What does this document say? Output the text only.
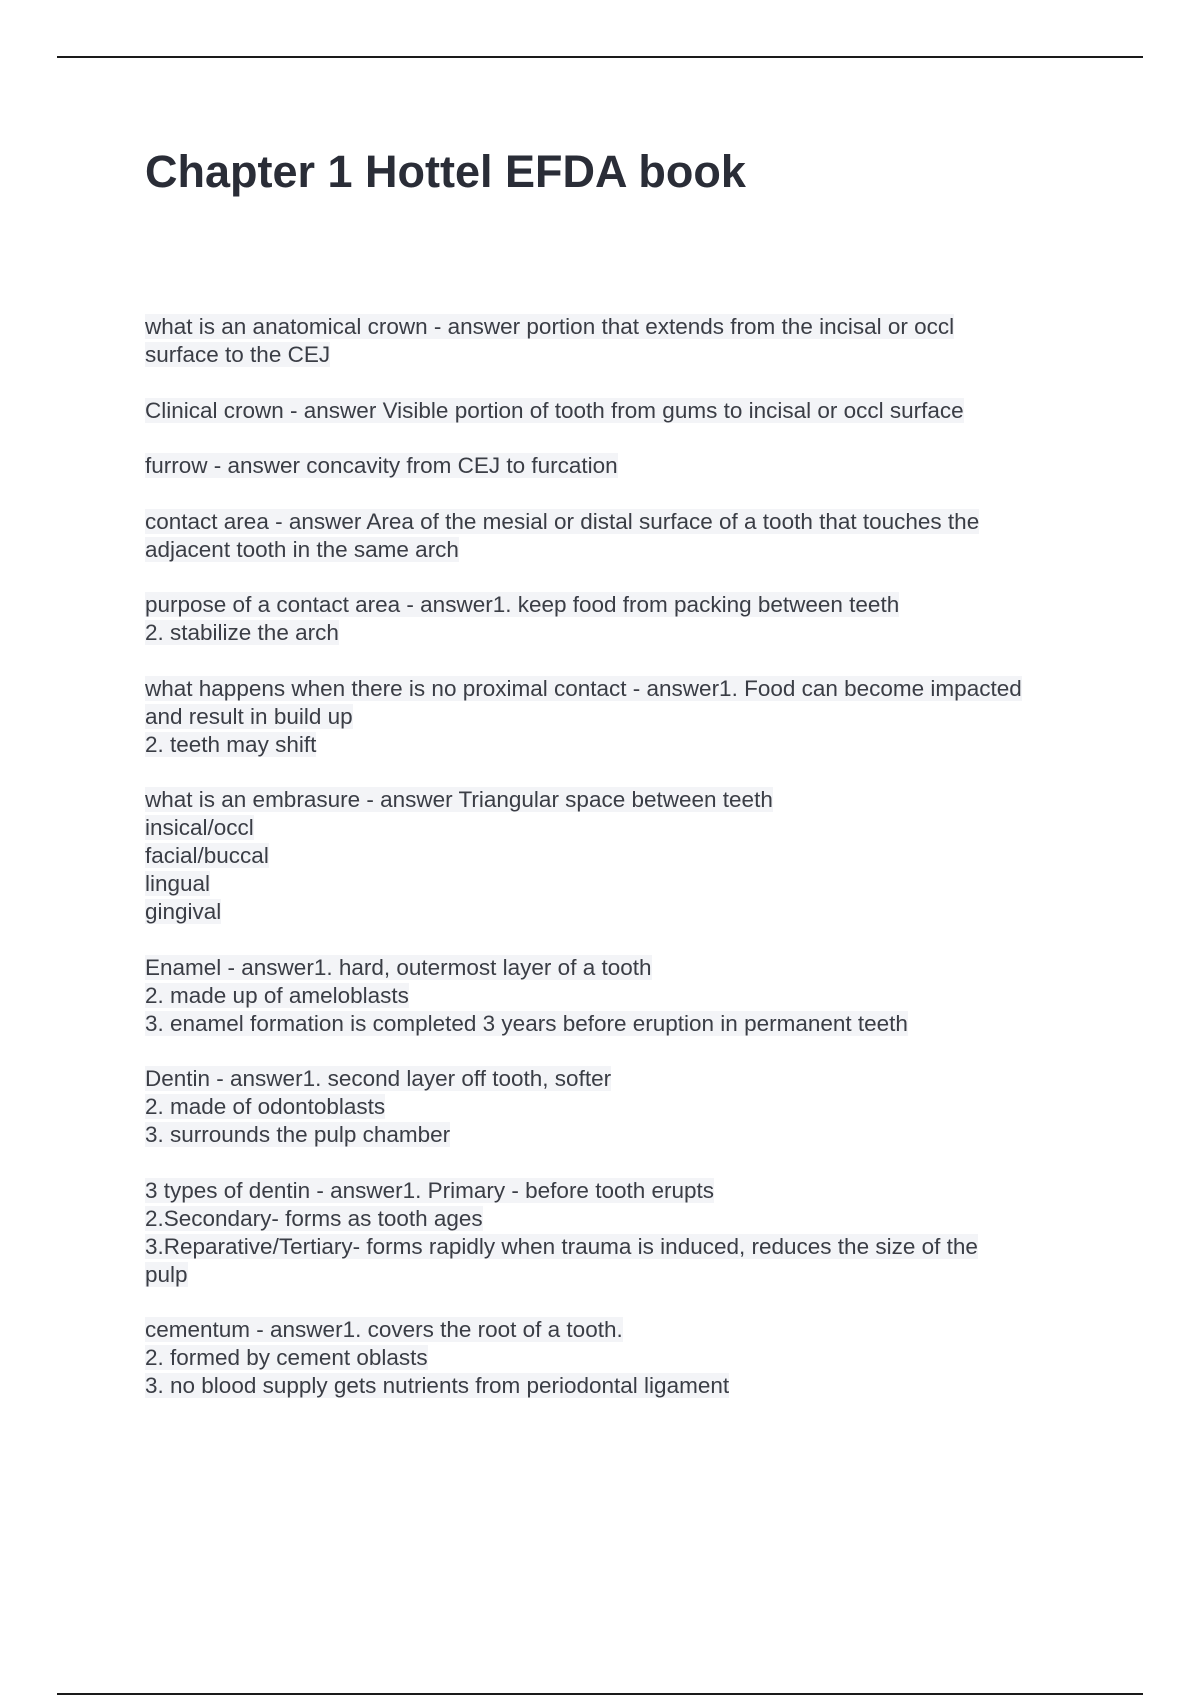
Chapter 1 Hottel EFDA book
what is an anatomical crown - answer portion that extends from the incisal or occl
surface to the CEJ
Clinical crown - answer Visible portion of tooth from gums to incisal or occl surface
furrow - answer concavity from CEJ to furcation
contact area - answer Area of the mesial or distal surface of a tooth that touches the
adjacent tooth in the same arch
purpose of a contact area - answer1. keep food from packing between teeth
2. stabilize the arch
what happens when there is no proximal contact - answer1. Food can become impacted
and result in build up
2. teeth may shift
what is an embrasure - answer Triangular space between teeth
insical/occl
facial/buccal
lingual
gingival
Enamel - answer1. hard, outermost layer of a tooth
2. made up of ameloblasts
3. enamel formation is completed 3 years before eruption in permanent teeth
Dentin - answer1. second layer off tooth, softer
2. made of odontoblasts
3. surrounds the pulp chamber
3 types of dentin - answer1. Primary - before tooth erupts
2.Secondary- forms as tooth ages
3.Reparative/Tertiary- forms rapidly when trauma is induced, reduces the size of the
pulp
cementum - answer1. covers the root of a tooth.
2. formed by cement oblasts
3. no blood supply gets nutrients from periodontal ligament
